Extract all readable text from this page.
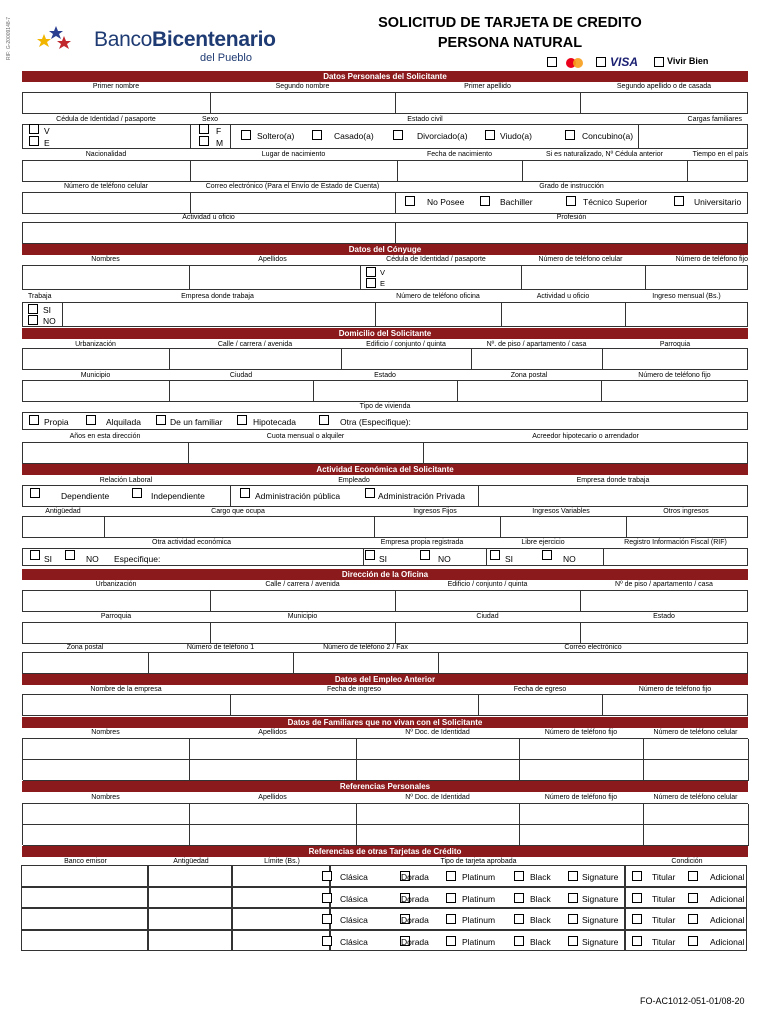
RIF: G-20009148-7	BancoBicentenario
del Pueblo
SOLICITUD DE TARJETA DE CREDITO
PERSONA NATURAL
VISA	Vivir Bien
Datos Personales del Solicitante
Primer nombre	Segundo nombre	Primer apellido	Segundo apellido o de casada
Cédula de Identidad / pasaporte	Sexo	Estado civil	Cargas familiares
V
E
F
M
Soltero(a)	Casado(a)	Divorciado(a)	Viudo(a)	Concubino(a)
Nacionalidad	Lugar de nacimiento	Fecha de nacimiento	Si es naturalizado, Nº Cédula anterior	Tiempo en el país
Número de teléfono celular	Correo electrónico (Para el Envío de Estado de Cuenta)	Grado de instrucción
No Posee	Bachiller	Técnico Superior	Universitario
Actividad u oficio	Profesión
Datos del Cónyuge
Nombres	Apellidos	Cédula de Identidad / pasaporte	Número de teléfono celular	Número de teléfono fijo
V
E
Trabaja	Empresa donde trabaja	Número de teléfono oficina	Actividad u oficio	Ingreso mensual (Bs.)
SI
NO
Domicilio del Solicitante
Urbanización	Calle / carrera / avenida	Edificio / conjunto / quinta	Nº. de piso / apartamento / casa	Parroquia
Municipio	Ciudad	Estado	Zona postal	Número de teléfono fijo
Tipo de vivienda
Propia	Alquilada	De un familiar	Hipotecada	Otra (Especifique):
Años en esta dirección	Cuota mensual o alquiler	Acreedor hipotecario o arrendador
Actividad Económica del Solicitante
Relación Laboral	Empleado	Empresa donde trabaja
Dependiente	Independiente	Administración pública	Administración Privada
Antigüedad	Cargo que ocupa	Ingresos Fijos	Ingresos Variables	Otros ingresos
Otra actividad económica	Empresa propia registrada	Libre ejercicio	Registro Información Fiscal (RIF)
SI	NO Especifique:	SI	NO	SI	NO
Dirección de la Oficina
Urbanización	Calle / carrera / avenida	Edificio / conjunto / quinta	Nº de piso / apartamento / casa
Parroquia	Municipio	Ciudad	Estado
Zona postal	Número de teléfono 1	Número de teléfono 2 / Fax	Correo electrónico
Datos del Empleo Anterior
Nombre de la empresa	Fecha de ingreso	Fecha de egreso	Número de teléfono fijo
Datos de Familiares que no vivan con el Solicitante
Nombres	Apellidos	Nº Doc. de Identidad	Número de teléfono fijo	Número de teléfono celular
Referencias Personales
Nombres	Apellidos	Nº Doc. de Identidad	Número de teléfono fijo	Número de teléfono celular
Referencias de otras Tarjetas de Crédito
Banco emisor	Antigüedad	Límite (Bs.)	Tipo de tarjeta aprobada	Condición
Clásica	Dorada	Platinum	Black	Signature	Titular	Adicional
Clásica	Dorada	Platinum	Black	Signature	Titular	Adicional
Clásica	Dorada	Platinum	Black	Signature	Titular	Adicional
Clásica	Dorada	Platinum	Black	Signature	Titular	Adicional
FO-AC1012-051-01/08-20
